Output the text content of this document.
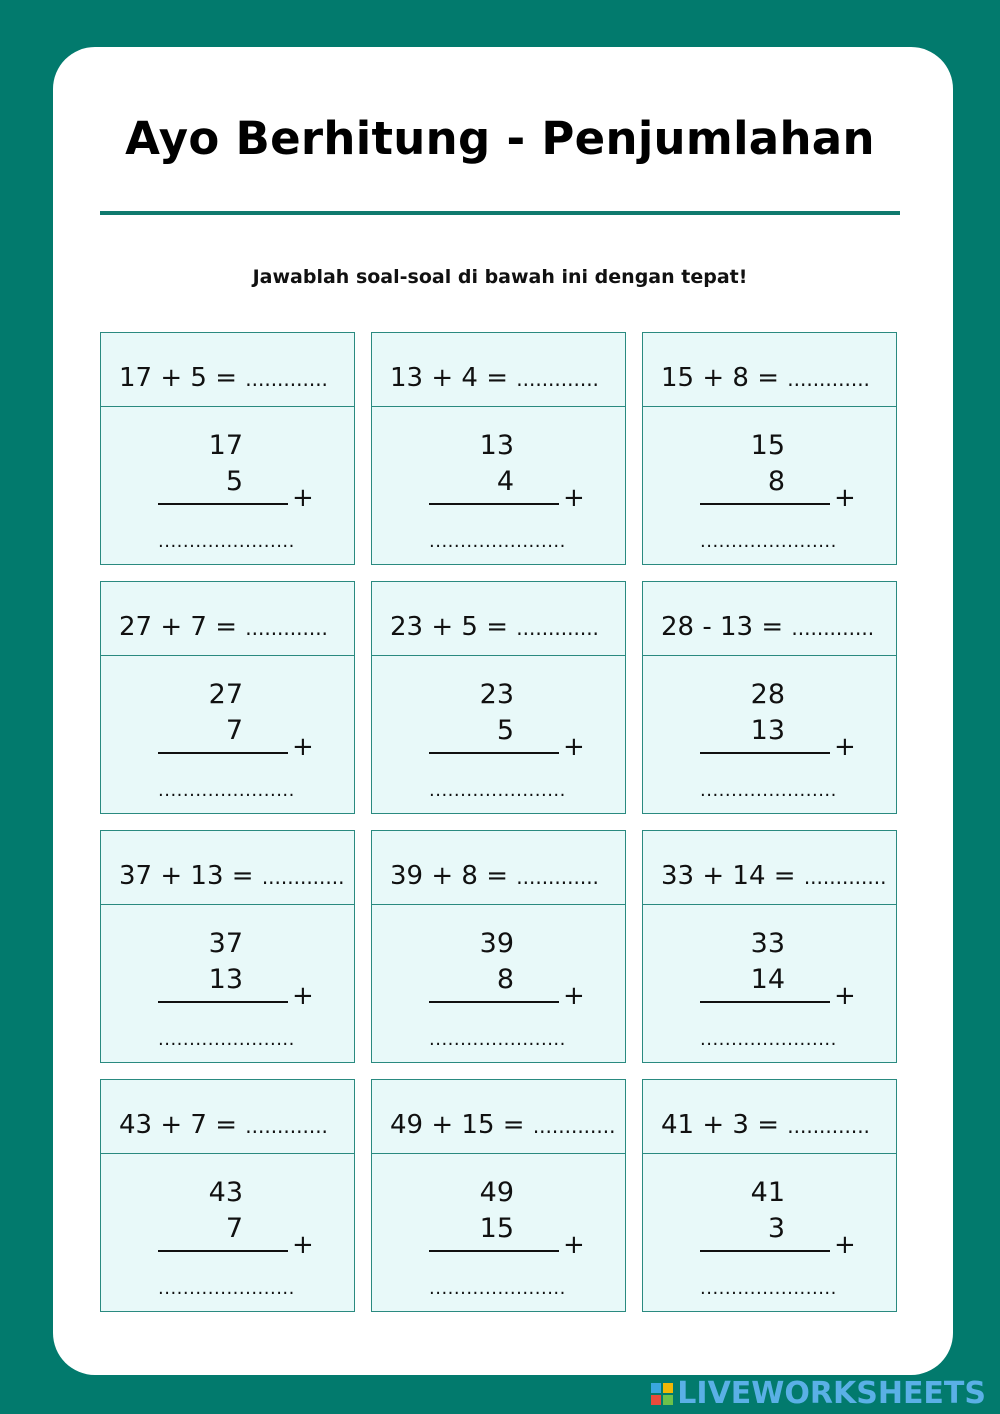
Ayo Berhitung - Penjumlahan
Jawablah soal-soal di bawah ini dengan tepat!
17 + 5 = .............
17
5
+
......................
13 + 4 = .............
13
4
+
......................
15 + 8 = .............
15
8
+
......................
27 + 7 = .............
27
7
+
......................
23 + 5 = .............
23
5
+
......................
28 - 13 = .............
28
13
+
......................
37 + 13 = .............
37
13
+
......................
39 + 8 = .............
39
8
+
......................
33 + 14 = .............
33
14
+
......................
43 + 7 = .............
43
7
+
......................
49 + 15 = .............
49
15
+
......................
41 + 3 = .............
41
3
+
......................
LIVEWORKSHEETS
